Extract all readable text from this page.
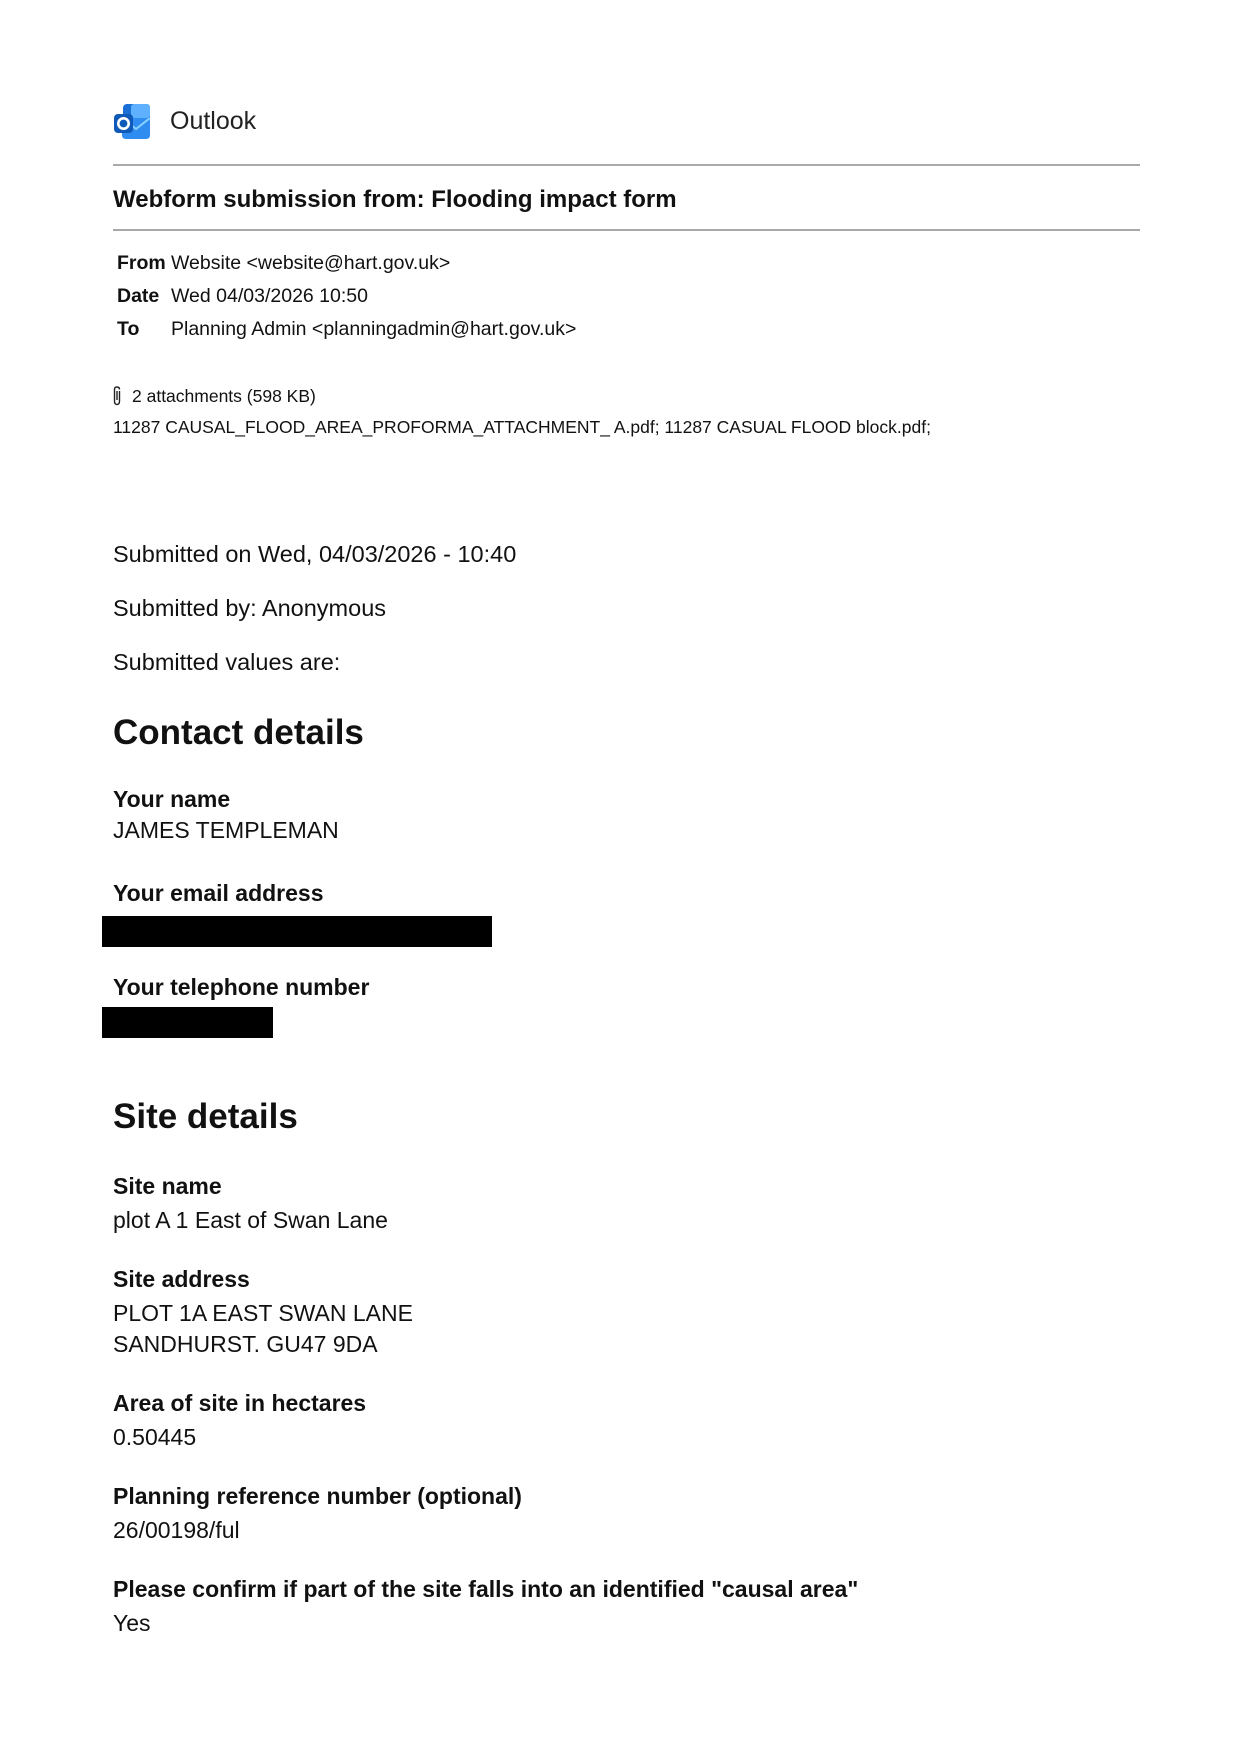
Outlook
Webform submission from: Flooding impact form
From Website <website@hart.gov.uk>
Date Wed 04/03/2026 10:50
To Planning Admin <planningadmin@hart.gov.uk>
2 attachments (598 KB)
11287 CAUSAL_FLOOD_AREA_PROFORMA_ATTACHMENT_ A.pdf; 11287 CASUAL FLOOD block.pdf;
Submitted on Wed, 04/03/2026 - 10:40
Submitted by: Anonymous
Submitted values are:
Contact details
Your name
JAMES TEMPLEMAN
Your email address
Your telephone number
Site details
Site name
plot A 1 East of Swan Lane
Site address
PLOT 1A EAST SWAN LANE
SANDHURST. GU47 9DA
Area of site in hectares
0.50445
Planning reference number (optional)
26/00198/ful
Please confirm if part of the site falls into an identified "causal area"
Yes
